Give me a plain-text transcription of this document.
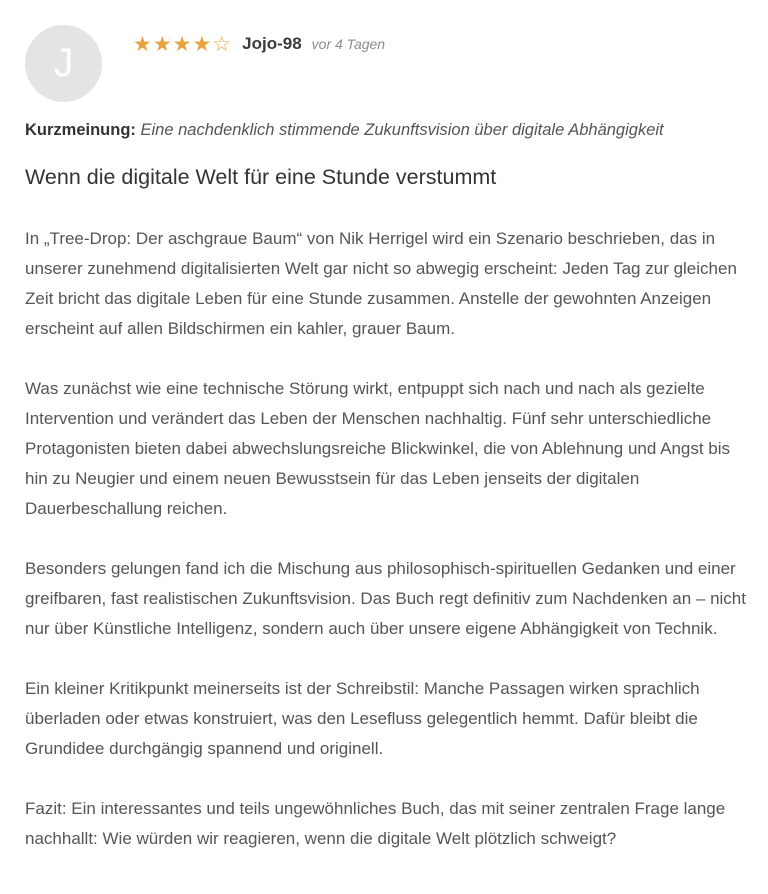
J	★ ★ ★ ★ ☆ Jojo-98 vor 4 Tagen
Kurzmeinung: Eine nachdenklich stimmende Zukunftsvision über digitale Abhängigkeit
Wenn die digitale Welt für eine Stunde verstummt

In „Tree-Drop: Der aschgraue Baum“ von Nik Herrigel wird ein Szenario beschrieben, das in unserer zunehmend digitalisierten Welt gar nicht so abwegig erscheint: Jeden Tag zur gleichen Zeit bricht das digitale Leben für eine Stunde zusammen. Anstelle der gewohnten Anzeigen erscheint auf allen Bildschirmen ein kahler, grauer Baum.

Was zunächst wie eine technische Störung wirkt, entpuppt sich nach und nach als gezielte Intervention und verändert das Leben der Menschen nachhaltig. Fünf sehr unterschiedliche Protagonisten bieten dabei abwechslungsreiche Blickwinkel, die von Ablehnung und Angst bis hin zu Neugier und einem neuen Bewusstsein für das Leben jenseits der digitalen Dauerbeschallung reichen.

Besonders gelungen fand ich die Mischung aus philosophisch-spirituellen Gedanken und einer greifbaren, fast realistischen Zukunftsvision. Das Buch regt definitiv zum Nachdenken an – nicht nur über Künstliche Intelligenz, sondern auch über unsere eigene Abhängigkeit von Technik.

Ein kleiner Kritikpunkt meinerseits ist der Schreibstil: Manche Passagen wirken sprachlich überladen oder etwas konstruiert, was den Lesefluss gelegentlich hemmt. Dafür bleibt die Grundidee durchgängig spannend und originell.

Fazit: Ein interessantes und teils ungewöhnliches Buch, das mit seiner zentralen Frage lange nachhallt: Wie würden wir reagieren, wenn die digitale Welt plötzlich schweigt?
